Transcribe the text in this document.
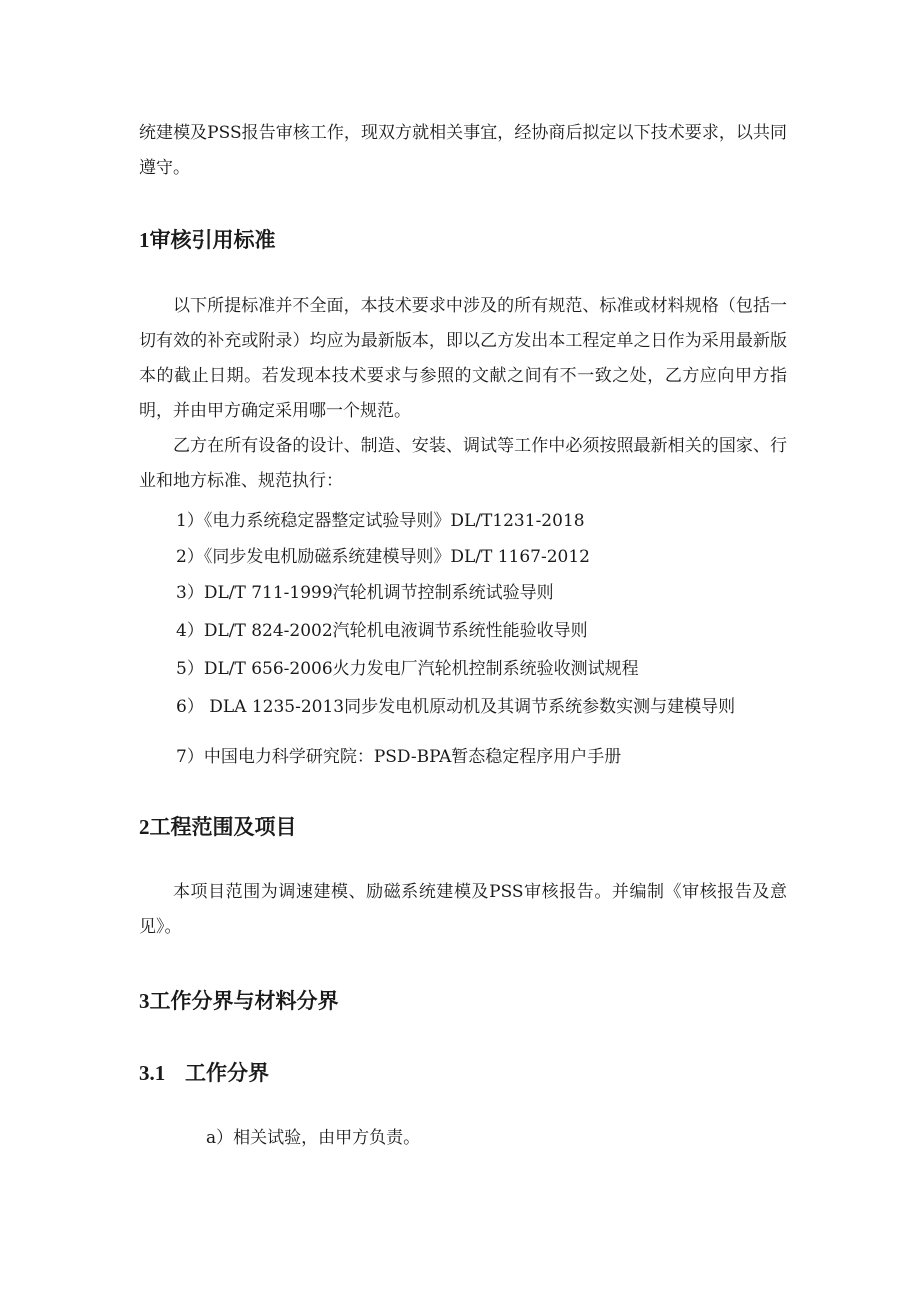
统建模及PSS报告审核工作，现双方就相关事宜，经协商后拟定以下技术要求，以共同遵守。

1审核引用标准

以下所提标准并不全面，本技术要求中涉及的所有规范、标准或材料规格（包括一切有效的补充或附录）均应为最新版本，即以乙方发出本工程定单之日作为采用最新版本的截止日期。若发现本技术要求与参照的文献之间有不一致之处，乙方应向甲方指明，并由甲方确定采用哪一个规范。

乙方在所有设备的设计、制造、安装、调试等工作中必须按照最新相关的国家、行业和地方标准、规范执行：

1）《电力系统稳定器整定试验导则》DL/T1231-2018

2）《同步发电机励磁系统建模导则》DL/T 1167-2012

3）DL/T 711-1999汽轮机调节控制系统试验导则

4）DL/T 824-2002汽轮机电液调节系统性能验收导则

5）DL/T 656-2006火力发电厂汽轮机控制系统验收测试规程

6） DLA 1235-2013同步发电机原动机及其调节系统参数实测与建模导则

7）中国电力科学研究院：PSD-BPA暂态稳定程序用户手册

2工程范围及项目

本项目范围为调速建模、励磁系统建模及PSS审核报告。并编制《审核报告及意见》。

3工作分界与材料分界
3.1 工作分界

a）相关试验，由甲方负责。
